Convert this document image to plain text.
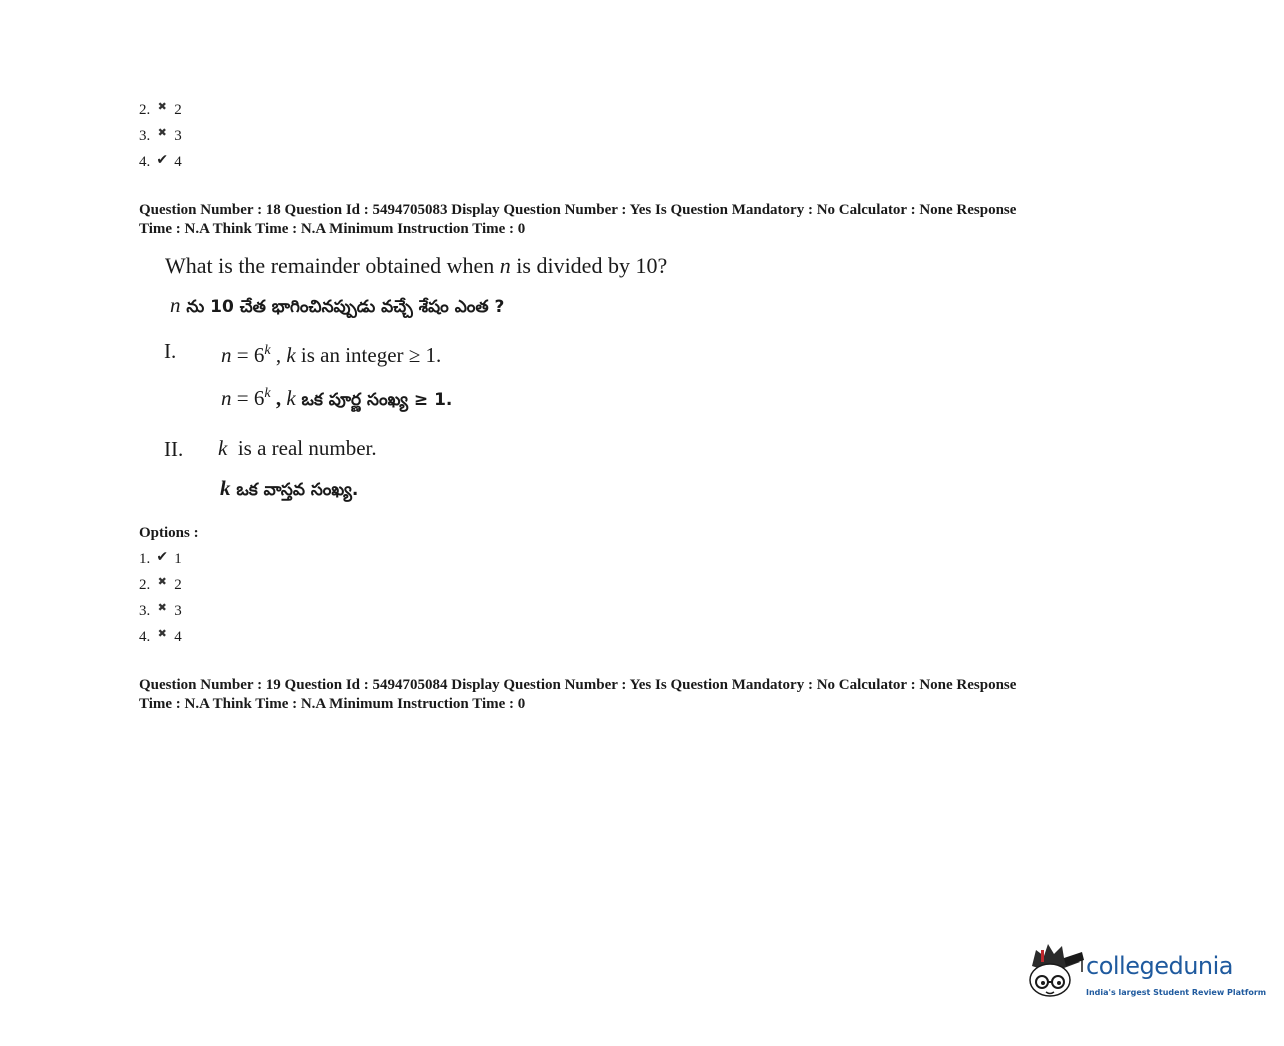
2. ✖ 2
3. ✖ 3
4. ✔ 4
Question Number : 18 Question Id : 5494705083 Display Question Number : Yes Is Question Mandatory : No Calculator : None Response
Time : N.A Think Time : N.A Minimum Instruction Time : 0
What is the remainder obtained when n is divided by 10?
n ను 10 చేత భాగించినప్పుడు వచ్చే శేషం ఎంత ?
I. $n = 6^k$ , k is an integer ≥ 1.
$n = 6^k$ , k ఒక పూర్ణ సంఖ్య ≥ 1.
II. k  is a real number.
k ఒక వాస్తవ సంఖ్య.
Options :
1. ✔ 1
2. ✖ 2
3. ✖ 3
4. ✖ 4
Question Number : 19 Question Id : 5494705084 Display Question Number : Yes Is Question Mandatory : No Calculator : None Response
Time : N.A Think Time : N.A Minimum Instruction Time : 0
collegedunia
India's largest Student Review Platform
